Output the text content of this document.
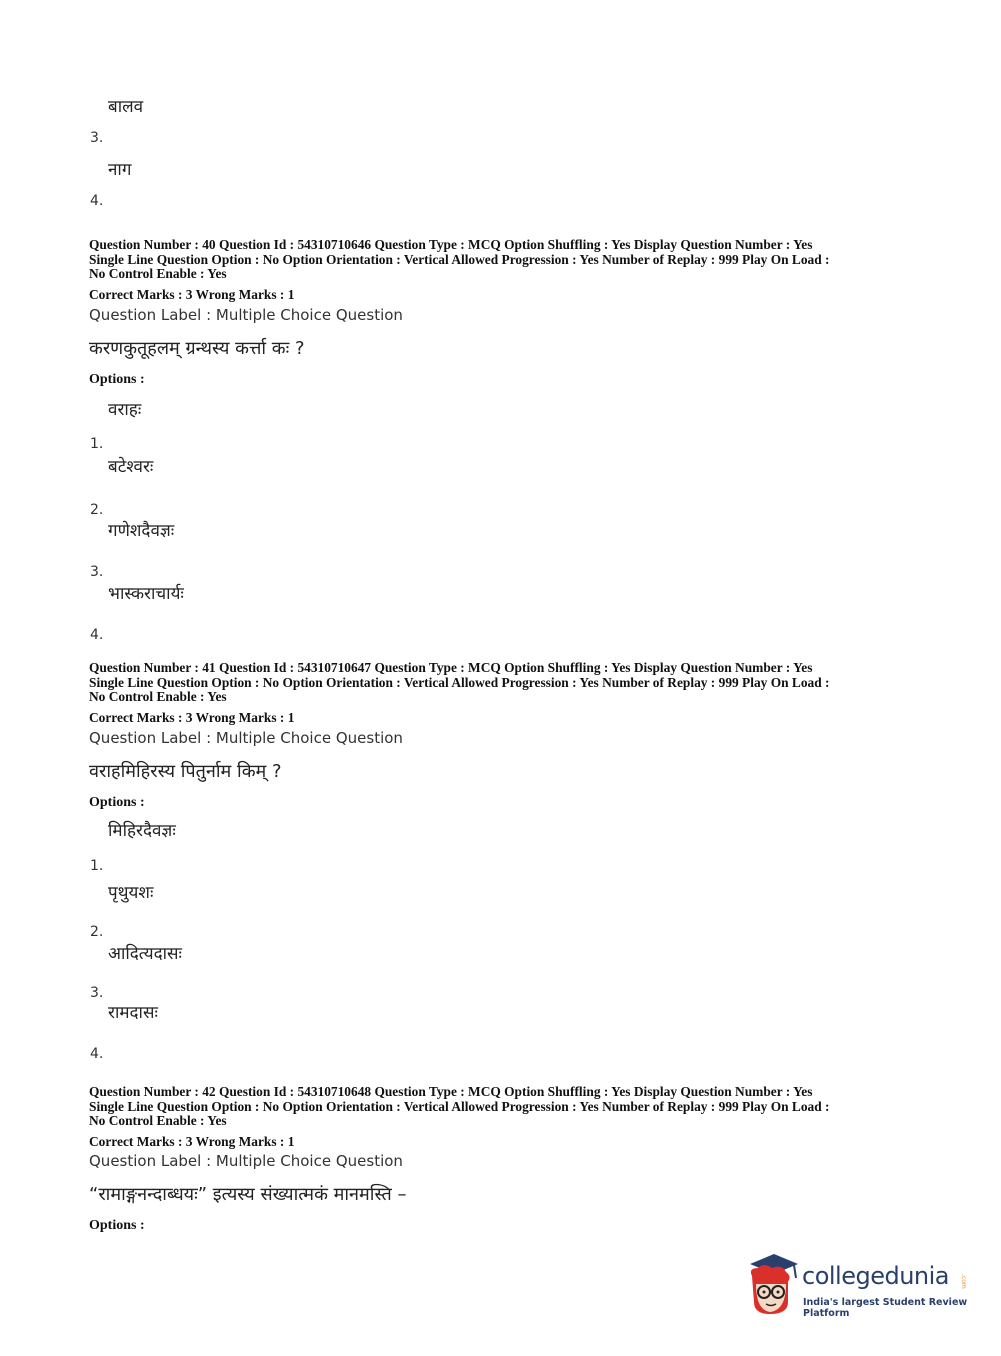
बालव
3.
नाग
4.
Question Number : 40 Question Id : 54310710646 Question Type : MCQ Option Shuffling : Yes Display Question Number : Yes
Single Line Question Option : No Option Orientation : Vertical Allowed Progression : Yes Number of Replay : 999 Play On Load :
No Control Enable : Yes
Correct Marks : 3 Wrong Marks : 1
Question Label : Multiple Choice Question
करणकुतूहलम् ग्रन्थस्य कर्त्ता कः ?
Options :
वराहः
1.
बटेश्वरः
2.
गणेशदैवज्ञः
3.
भास्कराचार्यः
4.
Question Number : 41 Question Id : 54310710647 Question Type : MCQ Option Shuffling : Yes Display Question Number : Yes
Single Line Question Option : No Option Orientation : Vertical Allowed Progression : Yes Number of Replay : 999 Play On Load :
No Control Enable : Yes
Correct Marks : 3 Wrong Marks : 1
Question Label : Multiple Choice Question
वराहमिहिरस्य पितुर्नाम किम् ?
Options :
मिहिरदैवज्ञः
1.
पृथुयशः
2.
आदित्यदासः
3.
रामदासः
4.
Question Number : 42 Question Id : 54310710648 Question Type : MCQ Option Shuffling : Yes Display Question Number : Yes
Single Line Question Option : No Option Orientation : Vertical Allowed Progression : Yes Number of Replay : 999 Play On Load :
No Control Enable : Yes
Correct Marks : 3 Wrong Marks : 1
Question Label : Multiple Choice Question
“रामाङ्गनन्दाब्धयः” इत्यस्य संख्यात्मकं मानमस्ति –
Options :
collegedunia .com
India's largest Student Review Platform
